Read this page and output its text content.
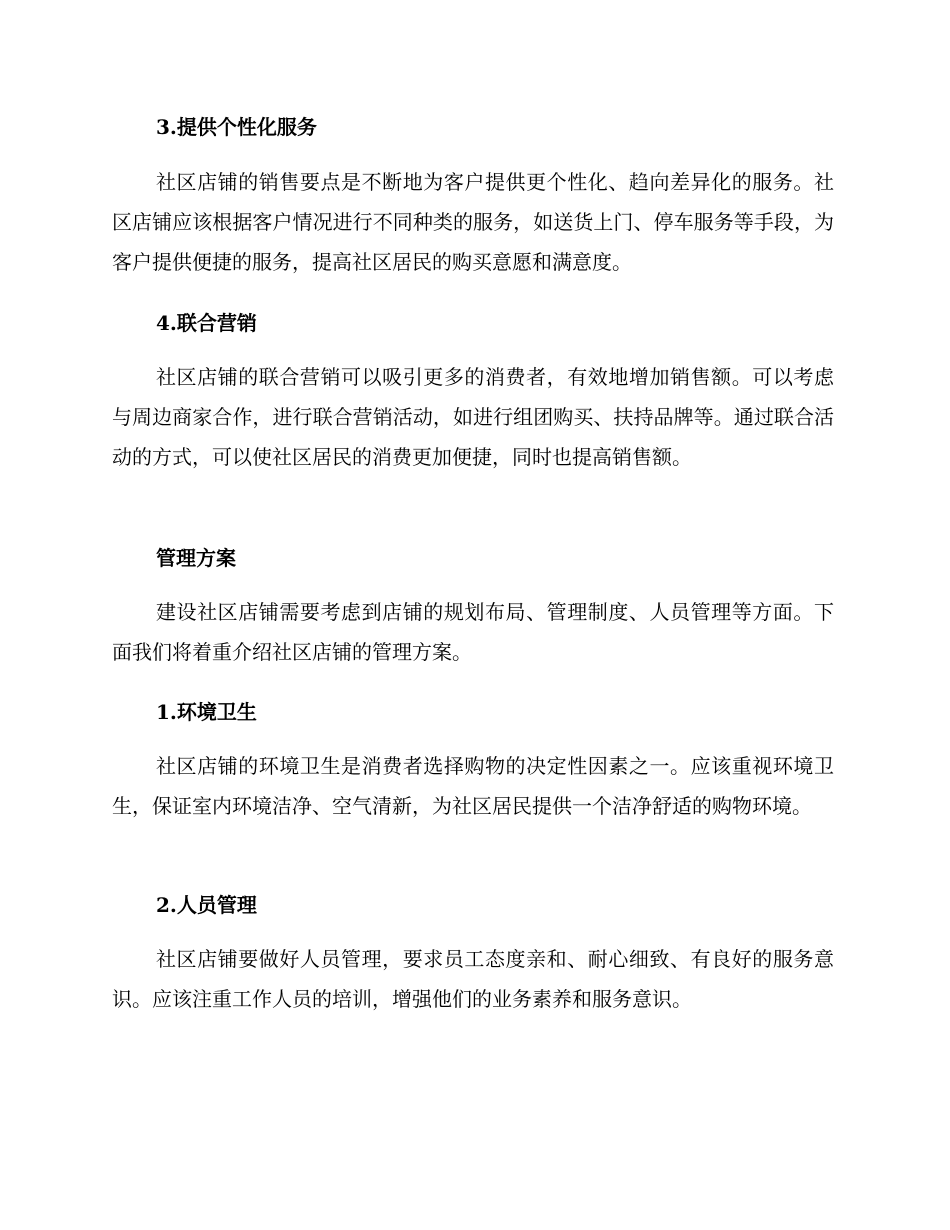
3.提供个性化服务

社区店铺的销售要点是不断地为客户提供更个性化、趋向差异化的服务。社区店铺应该根据客户情况进行不同种类的服务，如送货上门、停车服务等手段，为客户提供便捷的服务，提高社区居民的购买意愿和满意度。

4.联合营销

社区店铺的联合营销可以吸引更多的消费者，有效地增加销售额。可以考虑与周边商家合作，进行联合营销活动，如进行组团购买、扶持品牌等。通过联合活动的方式，可以使社区居民的消费更加便捷，同时也提高销售额。

管理方案

建设社区店铺需要考虑到店铺的规划布局、管理制度、人员管理等方面。下面我们将着重介绍社区店铺的管理方案。

1.环境卫生

社区店铺的环境卫生是消费者选择购物的决定性因素之一。应该重视环境卫生，保证室内环境洁净、空气清新，为社区居民提供一个洁净舒适的购物环境。

2.人员管理

社区店铺要做好人员管理，要求员工态度亲和、耐心细致、有良好的服务意识。应该注重工作人员的培训，增强他们的业务素养和服务意识。
